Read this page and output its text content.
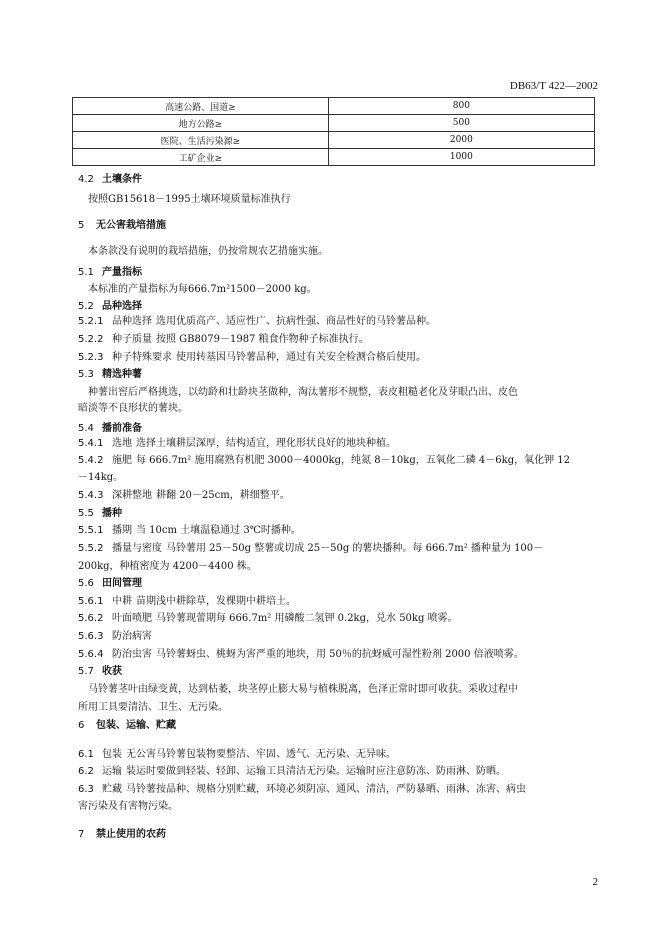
DB63/T 422—2002
高速公路、国道≥	800
地方公路≥	500
医院、生活污染源≥	2000
工矿企业≥	1000
4.2 土壤条件
按照GB15618－1995土壤环境质量标准执行
5 无公害栽培措施
本条款没有说明的栽培措施，仍按常规农艺措施实施。
5.1 产量指标
本标准的产量指标为每666.7m²1500－2000 kg。
5.2 品种选择
5.2.1 品种选择 选用优质高产、适应性广、抗病性强、商品性好的马铃薯品种。
5.2.2 种子质量 按照 GB8079－1987 粮食作物种子标准执行。
5.2.3 种子特殊要求 使用转基因马铃薯品种，通过有关安全检测合格后使用。
5.3 精选种薯
种薯出窖后严格挑选，以幼龄和壮龄块茎做种，淘汰薯形不规整，表皮粗糙老化及芽眼凸出、皮色
暗淡等不良形状的薯块。
5.4 播前准备
5.4.1 选地 选择土壤耕层深厚，结构适宜，理化形状良好的地块种植。
5.4.2 施肥 每 666.7m² 施用腐熟有机肥 3000－4000kg，纯氮 8－10kg，五氧化二磷 4－6kg，氧化钾 12
－14kg。
5.4.3 深耕整地 耕翻 20－25cm，耕细整平。
5.5 播种
5.5.1 播期 当 10cm 土壤温稳通过 3℃时播种。
5.5.2 播量与密度 马铃薯用 25－50g 整薯或切成 25－50g 的薯块播种。每 666.7m² 播种量为 100－
200kg，种植密度为 4200－4400 株。
5.6 田间管理
5.6.1 中耕 苗期浅中耕除草，发棵期中耕培土。
5.6.2 叶面喷肥 马铃薯现蕾期每 666.7m² 用磷酸二氢钾 0.2kg，兑水 50kg 喷雾。
5.6.3 防治病害
5.6.4 防治虫害 马铃薯蚜虫、桃蚜为害严重的地块，用 50％的抗蚜威可湿性粉剂 2000 倍液喷雾。
5.7 收获
马铃薯茎叶由绿变黄，达到枯萎，块茎停止膨大易与植株脱离，色泽正常时即可收获。采收过程中
所用工具要清洁、卫生、无污染。
6 包装、运输、贮藏
6.1 包装 无公害马铃薯包装物要整洁、牢固、透气、无污染、无异味。
6.2 运输 装运时要做到轻装、轻卸、运输工具清洁无污染。运输时应注意防冻、防雨淋、防晒。
6.3 贮藏 马铃薯按品种、规格分别贮藏，环境必须阴凉、通风、清洁，严防暴晒、雨淋、冻害、病虫
害污染及有害物污染。
7 禁止使用的农药
2
